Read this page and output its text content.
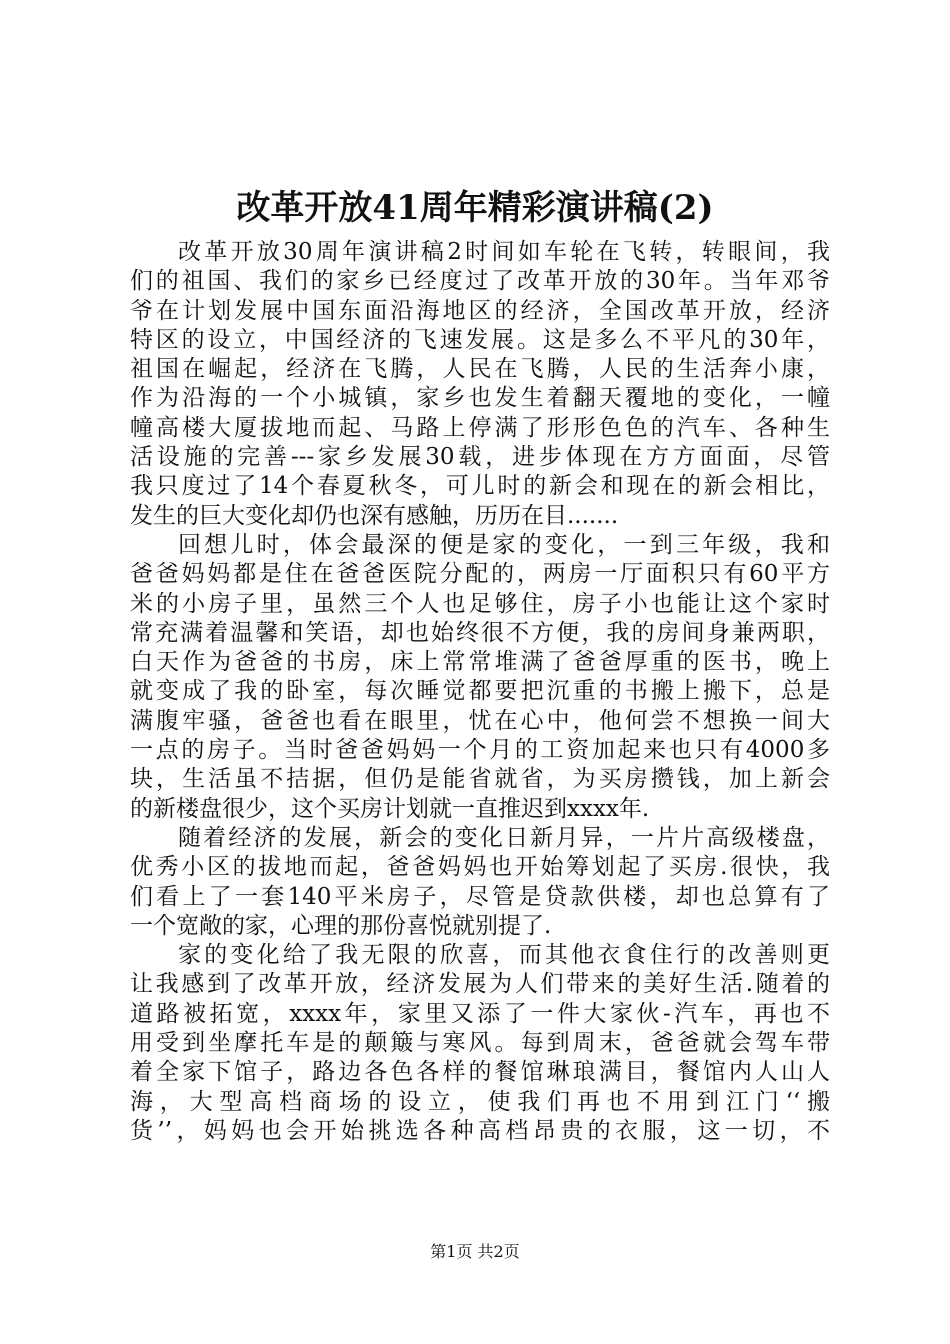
改革开放41周年精彩演讲稿(2)
改革开放30周年演讲稿2时间如车轮在飞转，转眼间，我
们的祖国、我们的家乡已经度过了改革开放的30年。当年邓爷
爷在计划发展中国东面沿海地区的经济，全国改革开放，经济
特区的设立，中国经济的飞速发展。这是多么不平凡的30年，
祖国在崛起，经济在飞腾，人民在飞腾，人民的生活奔小康，
作为沿海的一个小城镇，家乡也发生着翻天覆地的变化，一幢
幢高楼大厦拔地而起、马路上停满了形形色色的汽车、各种生
活设施的完善---家乡发展30载，进步体现在方方面面，尽管
我只度过了14个春夏秋冬，可儿时的新会和现在的新会相比，
发生的巨大变化却仍也深有感触，历历在目.......
回想儿时，体会最深的便是家的变化，一到三年级，我和
爸爸妈妈都是住在爸爸医院分配的，两房一厅面积只有60平方
米的小房子里，虽然三个人也足够住，房子小也能让这个家时
常充满着温馨和笑语，却也始终很不方便，我的房间身兼两职，
白天作为爸爸的书房，床上常常堆满了爸爸厚重的医书，晚上
就变成了我的卧室，每次睡觉都要把沉重的书搬上搬下，总是
满腹牢骚，爸爸也看在眼里，忧在心中，他何尝不想换一间大
一点的房子。当时爸爸妈妈一个月的工资加起来也只有4000多
块，生活虽不拮据，但仍是能省就省，为买房攒钱，加上新会
的新楼盘很少，这个买房计划就一直推迟到xxxx年.
随着经济的发展，新会的变化日新月异，一片片高级楼盘，
优秀小区的拔地而起，爸爸妈妈也开始筹划起了买房.很快，我
们看上了一套140平米房子，尽管是贷款供楼，却也总算有了
一个宽敞的家，心理的那份喜悦就别提了.
家的变化给了我无限的欣喜，而其他衣食住行的改善则更
让我感到了改革开放，经济发展为人们带来的美好生活.随着的
道路被拓宽，xxxx年，家里又添了一件大家伙-汽车，再也不
用受到坐摩托车是的颠簸与寒风。每到周末，爸爸就会驾车带
着全家下馆子，路边各色各样的餐馆琳琅满目，餐馆内人山人
海，大型高档商场的设立，使我们再也不用到江门‘‘搬
货’’，妈妈也会开始挑选各种高档昂贵的衣服，这一切，不
第1页 共2页
